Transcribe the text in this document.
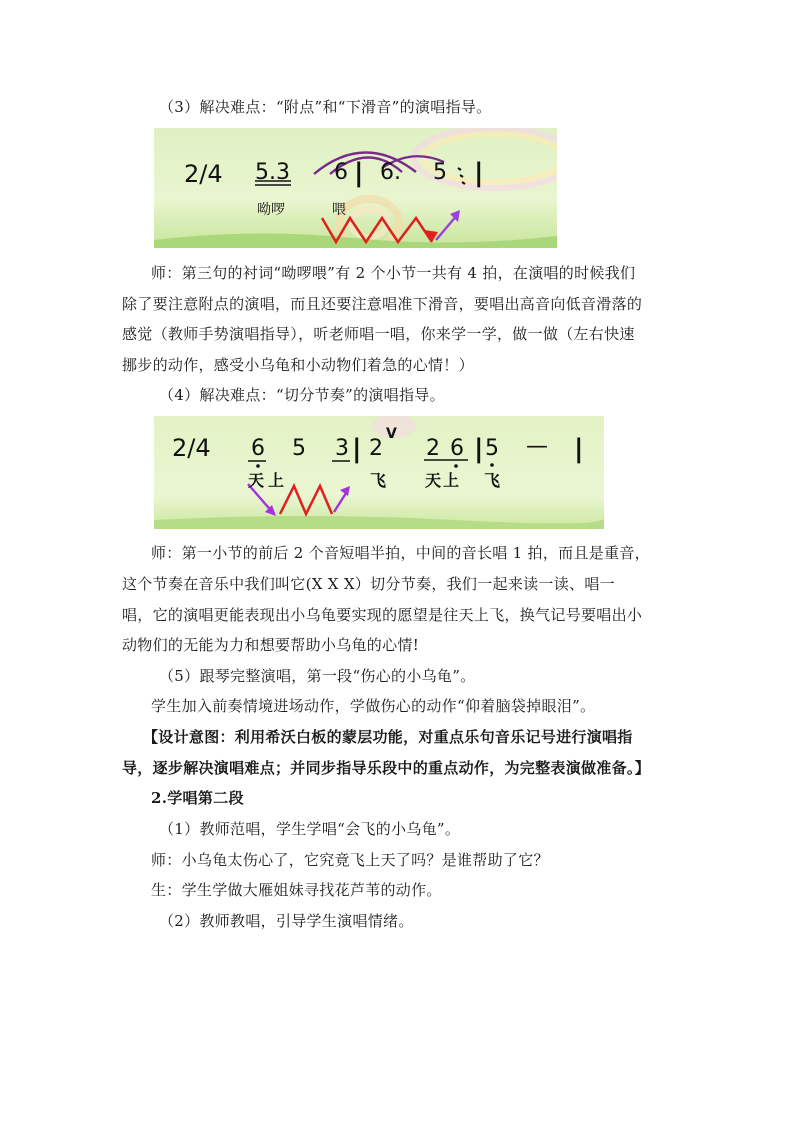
（3）解决难点：“附点”和“下滑音”的演唱指导。
2/4 5.3 6 | 6. 5 |
呦啰	喂
师：第三句的衬词“呦啰喂”有 2 个小节一共有 4 拍，在演唱的时候我们
除了要注意附点的演唱，而且还要注意唱准下滑音，要唱出高音向低音滑落的
感觉（教师手势演唱指导），听老师唱一唱，你来学一学，做一做（左右快速
挪步的动作，感受小乌龟和小动物们着急的心情！）
（4）解决难点：“切分节奏”的演唱指导。
2/4 6 5 3 | 2
V
2 6 | 5 — |
天上	飞 天上 飞
师：第一小节的前后 2 个音短唱半拍，中间的音长唱 1 拍，而且是重音，
这个节奏在音乐中我们叫它(X X X）切分节奏，我们一起来读一读、唱一
唱，它的演唱更能表现出小乌龟要实现的愿望是往天上飞，换气记号要唱出小
动物们的无能为力和想要帮助小乌龟的心情!
（5）跟琴完整演唱，第一段“伤心的小乌龟”。
学生加入前奏情境进场动作，学做伤心的动作“仰着脑袋掉眼泪”。
【设计意图：利用希沃白板的蒙层功能，对重点乐句音乐记号进行演唱指
导，逐步解决演唱难点；并同步指导乐段中的重点动作，为完整表演做准备。】
2.学唱第二段
（1）教师范唱，学生学唱“会飞的小乌龟”。
师：小乌龟太伤心了，它究竟飞上天了吗？是谁帮助了它？
生：学生学做大雁姐妹寻找花芦苇的动作。
（2）教师教唱，引导学生演唱情绪。
